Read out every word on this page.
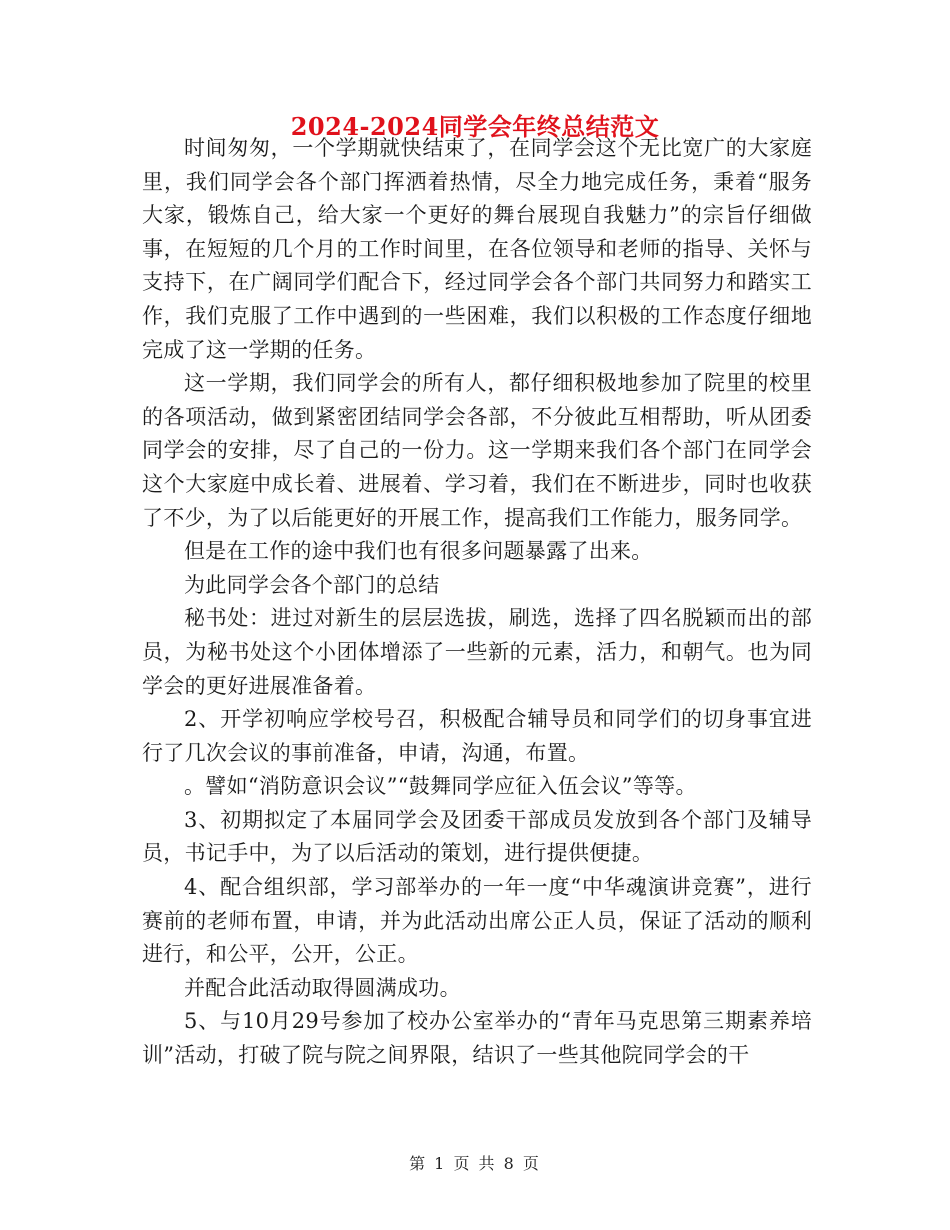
2024-2024同学会年终总结范文

时间匆匆，一个学期就快结束了，在同学会这个无比宽广的大家庭里，我们同学会各个部门挥洒着热情，尽全力地完成任务，秉着“服务大家，锻炼自己，给大家一个更好的舞台展现自我魅力”的宗旨仔细做事，在短短的几个月的工作时间里，在各位领导和老师的指导、关怀与支持下，在广阔同学们配合下，经过同学会各个部门共同努力和踏实工作，我们克服了工作中遇到的一些困难，我们以积极的工作态度仔细地完成了这一学期的任务。

这一学期，我们同学会的所有人，都仔细积极地参加了院里的校里的各项活动，做到紧密团结同学会各部，不分彼此互相帮助，听从团委同学会的安排，尽了自己的一份力。这一学期来我们各个部门在同学会这个大家庭中成长着、进展着、学习着，我们在不断进步，同时也收获了不少，为了以后能更好的开展工作，提高我们工作能力，服务同学。

但是在工作的途中我们也有很多问题暴露了出来。

为此同学会各个部门的总结

秘书处：进过对新生的层层选拔，刷选，选择了四名脱颖而出的部员，为秘书处这个小团体增添了一些新的元素，活力，和朝气。也为同学会的更好进展准备着。

2、开学初响应学校号召，积极配合辅导员和同学们的切身事宜进行了几次会议的事前准备，申请，沟通，布置。

。譬如“消防意识会议”“鼓舞同学应征入伍会议”等等。

3、初期拟定了本届同学会及团委干部成员发放到各个部门及辅导员，书记手中，为了以后活动的策划，进行提供便捷。

4、配合组织部，学习部举办的一年一度“中华魂演讲竞赛”，进行赛前的老师布置，申请，并为此活动出席公正人员，保证了活动的顺利进行，和公平，公开，公正。

并配合此活动取得圆满成功。

5、与10月29号参加了校办公室举办的“青年马克思第三期素养培训”活动，打破了院与院之间界限，结识了一些其他院同学会的干

第 1 页 共 8 页
